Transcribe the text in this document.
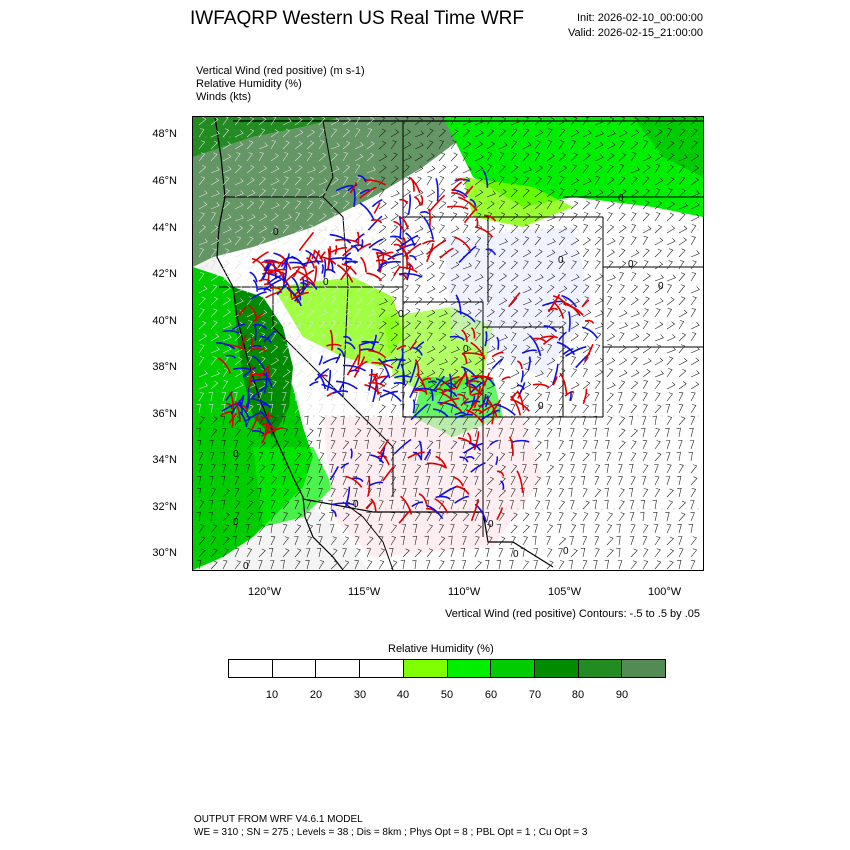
IWFAQRP Western US Real Time WRF	Init: 2026-02-10_00:00:00
Valid: 2026-02-15_21:00:00
Vertical Wind (red positive) (m s-1)
Relative Humidity (%)
Winds (kts)
0
0
0
0
0	0
0
0
0
0
0
0
0	0
0
0
48°N
46°N
44°N
42°N
40°N
38°N
36°N
34°N
32°N
30°N
120°W	115°W	110°W	105°W	100°W
Vertical Wind (red positive) Contours: -.5 to .5 by .05
Relative Humidity (%)
10	20	30	40	50	60	70	80	90
OUTPUT FROM WRF V4.6.1 MODEL
WE = 310 ; SN = 275 ; Levels = 38 ; Dis = 8km ; Phys Opt = 8 ; PBL Opt = 1 ; Cu Opt = 3
